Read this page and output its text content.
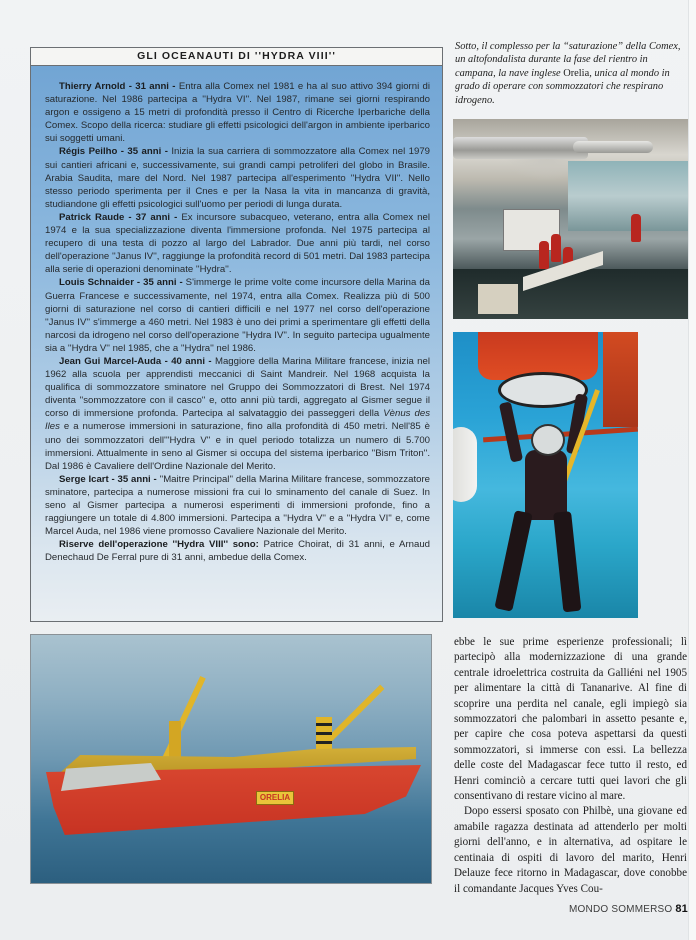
GLI OCEANAUTI DI ''HYDRA VIII''

Thierry Arnold - 31 anni - Entra alla Comex nel 1981 e ha al suo attivo 394 giorni di saturazione. Nel 1986 partecipa a ''Hydra VI''. Nel 1987, rimane sei giorni respirando argon e ossigeno a 15 metri di profondità presso il Centro di Ricerche Iperbariche della Comex. Scopo della ricerca: studiare gli effetti psicologici dell'argon in ambiente iperbarico sui soggetti umani.

Régis Peilho - 35 anni - Inizia la sua carriera di sommozzatore alla Comex nel 1979 sui cantieri africani e, successivamente, sui grandi campi petroliferi del globo in Brasile. Arabia Saudita, mare del Nord. Nel 1987 partecipa all'esperimento ''Hydra VII''. Nello stesso periodo sperimenta per il Cnes e per la Nasa la vita in mancanza di gravità, studiandone gli effetti psicologici sull'uomo per periodi di lunga durata.

Patrick Raude - 37 anni - Ex incursore subacqueo, veterano, entra alla Comex nel 1974 e la sua specializzazione diventa l'immersione profonda. Nel 1975 partecipa al recupero di una testa di pozzo al largo del Labrador. Due anni più tardi, nel corso dell'operazione ''Janus IV'', raggiunge la profondità record di 501 metri. Dal 1983 partecipa alla serie di operazioni denominate ''Hydra''.

Louis Schnaider - 35 anni - S'immerge le prime volte come incursore della Marina da Guerra Francese e successivamente, nel 1974, entra alla Comex. Realizza più di 500 giorni di saturazione nel corso di cantieri difficili e nel 1977 nel corso dell'operazione ''Janus IV'' s'immerge a 460 metri. Nel 1983 è uno dei primi a sperimentare gli effetti della narcosi da idrogeno nel corso dell'operazione ''Hydra IV''. In seguito partecipa ugualmente sia a ''Hydra V'' nel 1985, che a ''Hydra'' nel 1986.

Jean Gui Marcel-Auda - 40 anni - Maggiore della Marina Militare francese, inizia nel 1962 alla scuola per apprendisti meccanici di Saint Mandreir. Nel 1968 acquista la qualifica di sommozzatore sminatore nel Gruppo dei Sommozzatori di Brest. Nel 1974 diventa ''sommozzatore con il casco'' e, otto anni più tardi, aggregato al Gismer segue il corso di immersione profonda. Partecipa al salvataggio dei passeggeri della Vènus des Iles e a numerose immersioni in saturazione, fino alla profondità di 450 metri. Nell'85 è uno dei sommozzatori dell'''Hydra V'' e in quel periodo totalizza un numero di 5.700 immersioni. Attualmente in seno al Gismer si occupa del sistema iperbarico ''Bism Triton''. Dal 1986 è Cavaliere dell'Ordine Nazionale del Merito.

Serge Icart - 35 anni - ''Maitre Principal'' della Marina Militare francese, sommozzatore sminatore, partecipa a numerose missioni fra cui lo sminamento del canale di Suez. In seno al Gismer partecipa a numerosi esperimenti di immersioni profonde, fino a raggiungere un totale di 4.800 immersioni. Partecipa a ''Hydra V'' e a ''Hydra VI'' e, come Marcel Auda, nel 1986 viene promosso Cavaliere Nazionale del Merito.

Riserve dell'operazione ''Hydra VIII'' sono: Patrice Choirat, di 31 anni, e Arnaud Denechaud De Ferral pure di 31 anni, ambedue della Comex.

Sotto, il complesso per la “saturazione” della Comex, un altofondalista durante la fase del rientro in campana, la nave inglese Orelia, unica al mondo in grado di operare con sommozzatori che respirano idrogeno.
ORELIA

ebbe le sue prime esperienze professionali; lì partecipò alla modernizzazione di una grande centrale idroelettrica costruita da Galliéni nel 1905 per alimentare la città di Tananarive. Al fine di scoprire una perdita nel canale, egli impiegò sia sommozzatori che palombari in assetto pesante e, per capire che cosa poteva aspettarsi da questi sommozzatori, si immerse con essi. La bellezza delle coste del Madagascar fece tutto il resto, ed Henri cominciò a cercare tutti quei lavori che gli consentivano di restare vicino al mare.

Dopo essersi sposato con Philbè, una giovane ed amabile ragazza destinata ad attenderlo per molti giorni dell'anno, e in alternativa, ad ospitare le centinaia di ospiti di lavoro del marito, Henri Delauze fece ritorno in Madagascar, dove conobbe il comandante Jacques Yves Cou-

MONDO SOMMERSO 81
